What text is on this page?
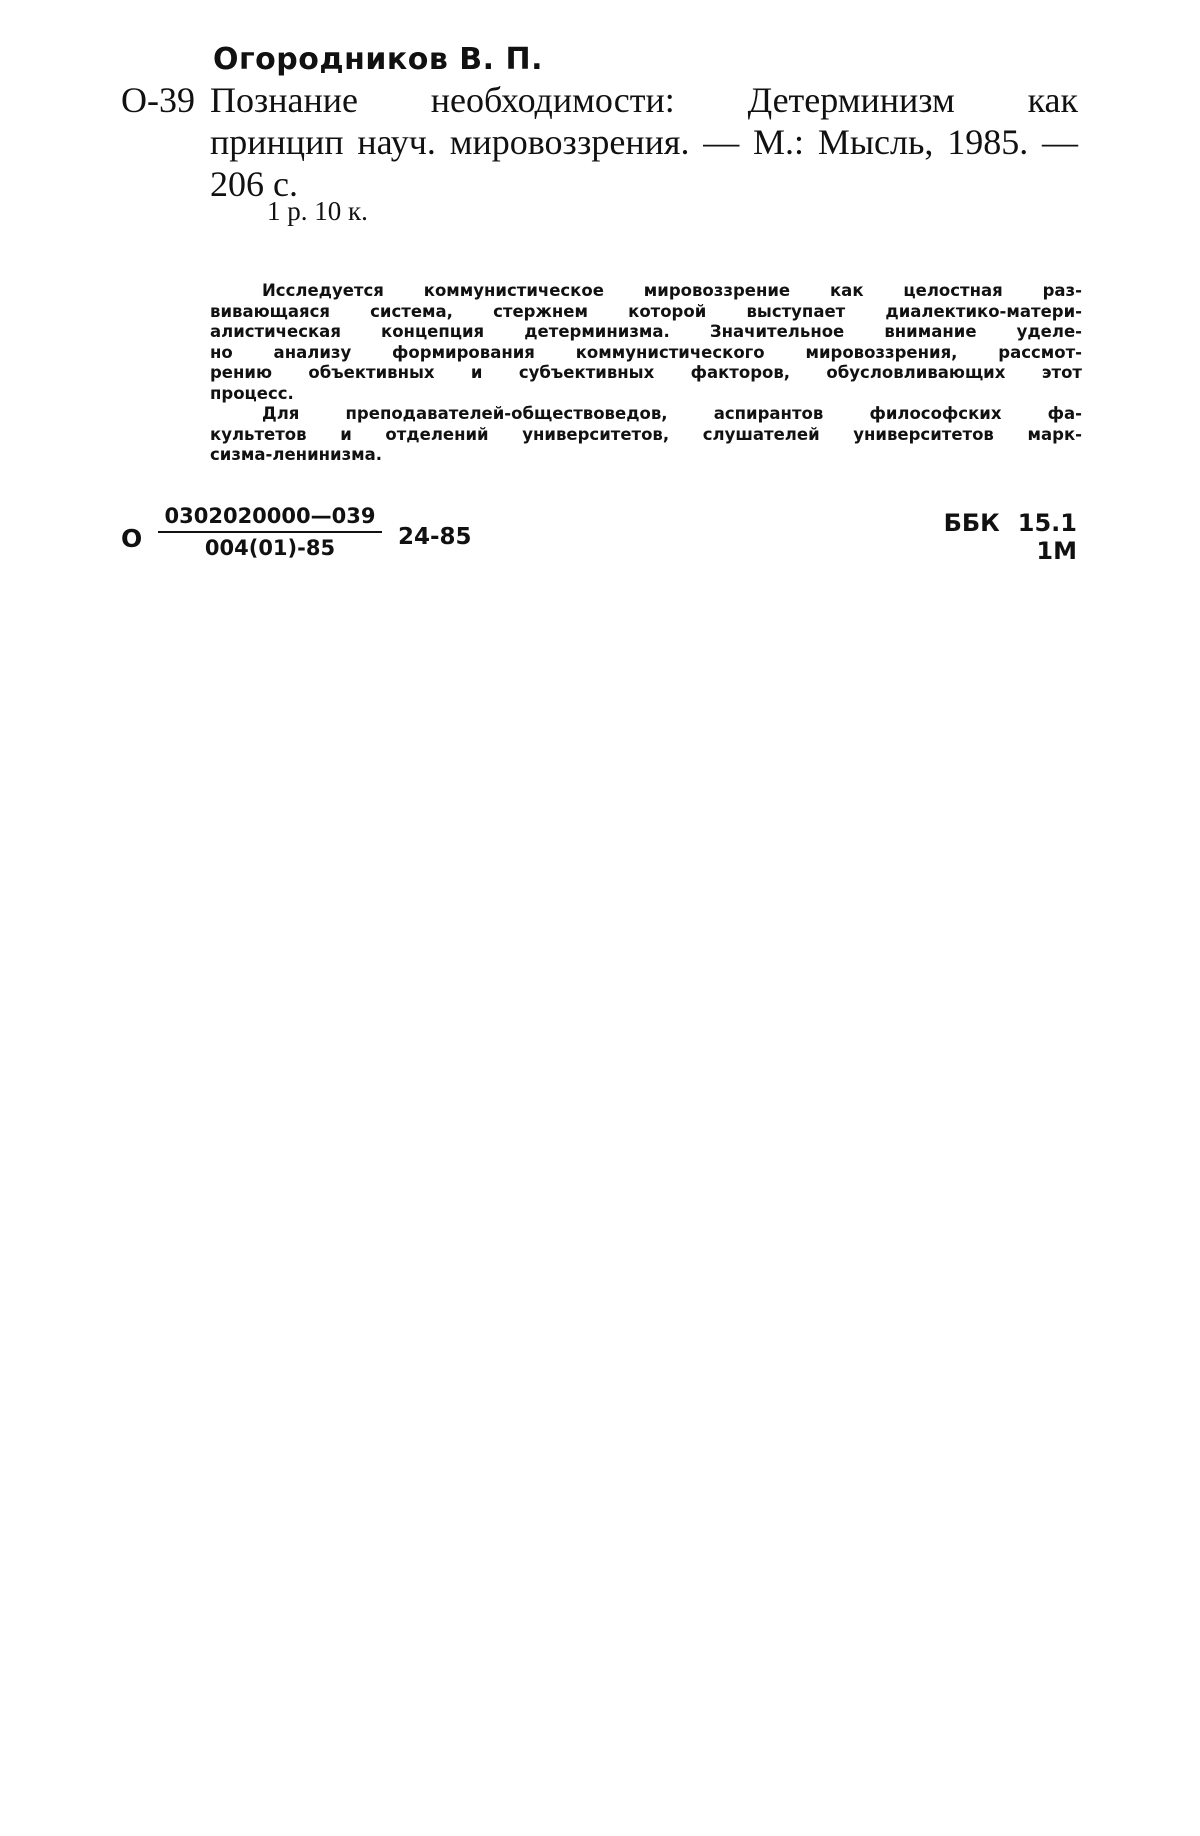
Огородников В. П.
О-39 Познание необходимости: Детерминизм как
принцип науч. мировоззрения. — М.: Мысль, 1985. —
206 с.
1 р. 10 к.
Исследуется коммунистическое мировоззрение как целостная раз-
вивающаяся система, стержнем которой выступает диалектико-матери-
алистическая концепция детерминизма. Значительное внимание уделе-
но анализу формирования коммунистического мировоззрения, рассмот-
рению объективных и субъективных факторов, обусловливающих этот
процесс.
Для преподавателей-обществоведов, аспирантов философских фа-
культетов и отделений университетов, слушателей университетов марк-
сизма-ленинизма.
О $\frac{0302020000—039}{004(01)-85} 24-85$	ББК 15.1
1М
